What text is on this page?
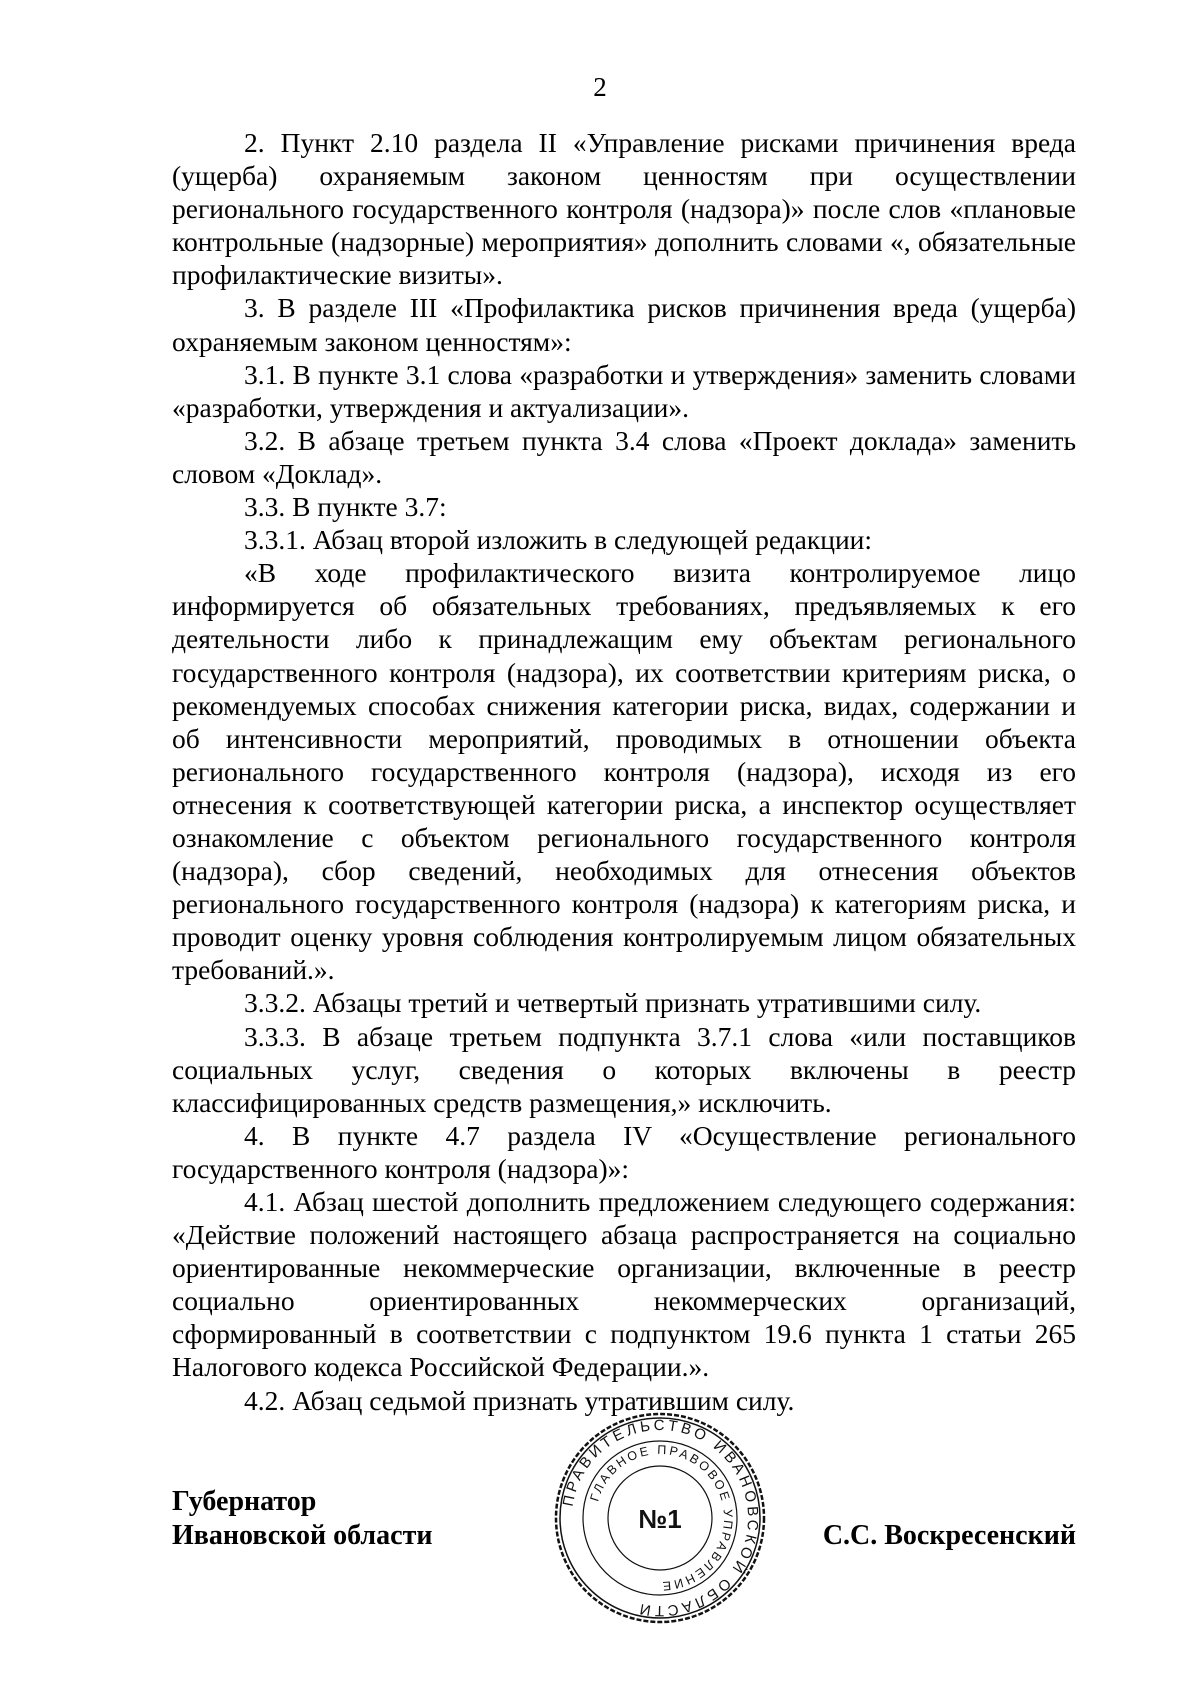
2

2. Пункт 2.10 раздела II «Управление рисками причинения вреда (ущерба) охраняемым законом ценностям при осуществлении регионального государственного контроля (надзора)» после слов «плановые контрольные (надзорные) мероприятия» дополнить словами «, обязательные профилактические визиты».

3. В разделе III «Профилактика рисков причинения вреда (ущерба) охраняемым законом ценностям»:

3.1. В пункте 3.1 слова «разработки и утверждения» заменить словами «разработки, утверждения и актуализации».

3.2. В абзаце третьем пункта 3.4 слова «Проект доклада» заменить словом «Доклад».

3.3. В пункте 3.7:

3.3.1. Абзац второй изложить в следующей редакции:

«В ходе профилактического визита контролируемое лицо информируется об обязательных требованиях, предъявляемых к его деятельности либо к принадлежащим ему объектам регионального государственного контроля (надзора), их соответствии критериям риска, о рекомендуемых способах снижения категории риска, видах, содержании и об интенсивности мероприятий, проводимых в отношении объекта регионального государственного контроля (надзора), исходя из его отнесения к соответствующей категории риска, а инспектор осуществляет ознакомление с объектом регионального государственного контроля (надзора), сбор сведений, необходимых для отнесения объектов регионального государственного контроля (надзора) к категориям риска, и проводит оценку уровня соблюдения контролируемым лицом обязательных требований.».

3.3.2. Абзацы третий и четвертый признать утратившими силу.

3.3.3. В абзаце третьем подпункта 3.7.1 слова «или поставщиков социальных услуг, сведения о которых включены в реестр классифицированных средств размещения,» исключить.

4. В пункте 4.7 раздела IV «Осуществление регионального государственного контроля (надзора)»:

4.1. Абзац шестой дополнить предложением следующего содержания: «Действие положений настоящего абзаца распространяется на социально ориентированные некоммерческие организации, включенные в реестр социально ориентированных некоммерческих организаций, сформированный в соответствии с подпунктом 19.6 пункта 1 статьи 265 Налогового кодекса Российской Федерации.».

4.2. Абзац седьмой признать утратившим силу.

Губернатор
Ивановской области	С.С. Воскресенский
ПРАВИТЕЛЬСТВО ИВАНОВСКОЙ ОБЛАСТИ
ГЛАВНОЕ ПРАВОВОЕ УПРАВЛЕНИЕ
№1
